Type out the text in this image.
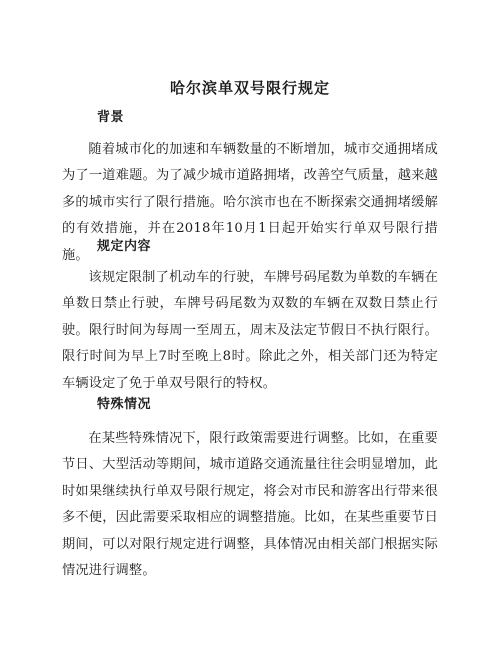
哈尔滨单双号限行规定
背景
随着城市化的加速和车辆数量的不断增加，城市交通拥堵成为了一道难题。为了减少城市道路拥堵，改善空气质量，越来越多的城市实行了限行措施。哈尔滨市也在不断探索交通拥堵缓解的有效措施，并在2018年10月1日起开始实行单双号限行措施。
规定内容
该规定限制了机动车的行驶，车牌号码尾数为单数的车辆在单数日禁止行驶，车牌号码尾数为双数的车辆在双数日禁止行驶。限行时间为每周一至周五，周末及法定节假日不执行限行。限行时间为早上7时至晚上8时。除此之外，相关部门还为特定车辆设定了免于单双号限行的特权。
特殊情况
在某些特殊情况下，限行政策需要进行调整。比如，在重要节日、大型活动等期间，城市道路交通流量往往会明显增加，此时如果继续执行单双号限行规定，将会对市民和游客出行带来很多不便，因此需要采取相应的调整措施。比如，在某些重要节日期间，可以对限行规定进行调整，具体情况由相关部门根据实际情况进行调整。
